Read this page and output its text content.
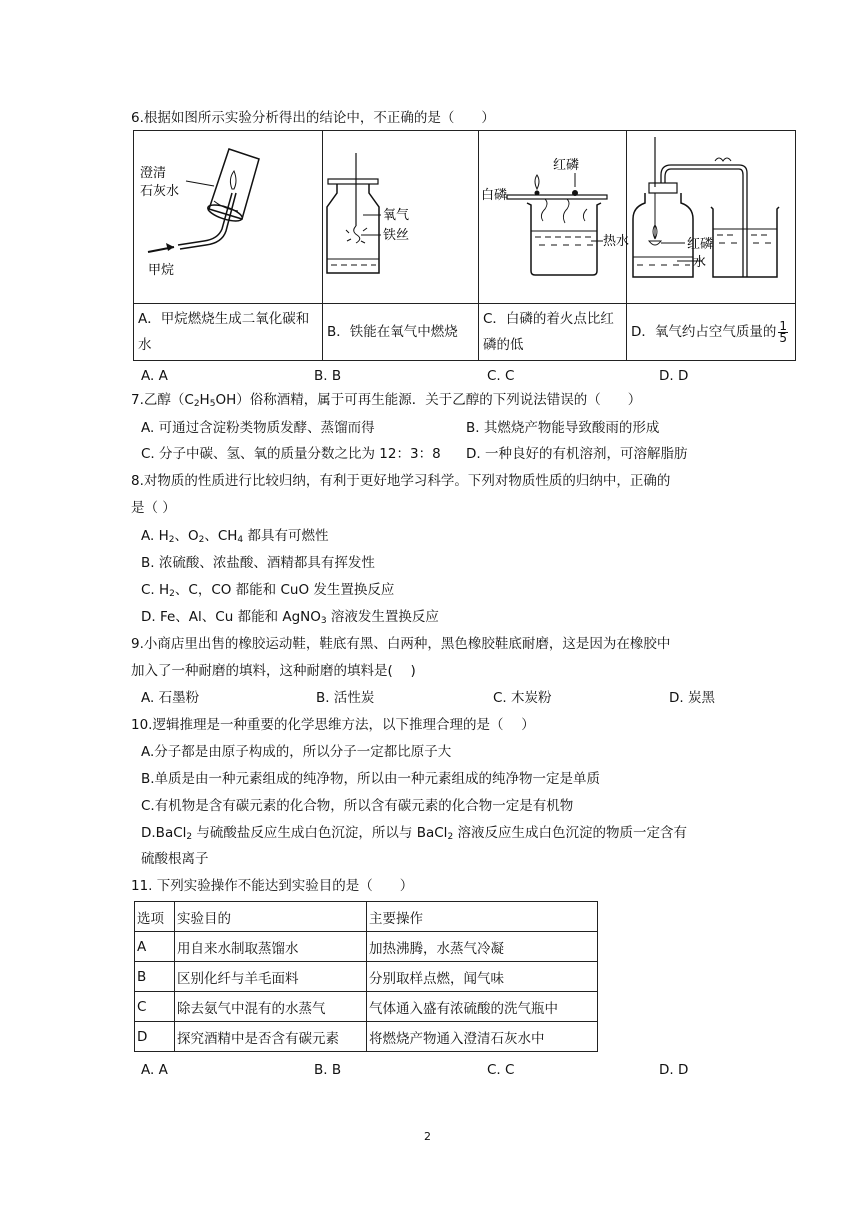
6.根据如图所示实验分析得出的结论中，不正确的是（　　）
澄清
石灰水
甲烷	氧气
铁丝	红磷
白磷
热水	红磷
水

A．甲烷燃烧生成二氧化碳和水	B．铁能在氧气中燃烧	C．白磷的着火点比红磷的低	D．氧气约占空气质量的 $\frac{1}{5}$
A. A	B. B	C. C	D. D
7.乙醇$(C_2H_5OH)$俗称酒精，属于可再生能源．关于乙醇的下列说法错误的（　　）
A. 可通过含淀粉类物质发酵、蒸馏而得	B. 其燃烧产物能导致酸雨的形成
C. 分子中碳、氢、氧的质量分数之比为 12：3：8 D. 一种良好的有机溶剂，可溶解脂肪
8.对物质的性质进行比较归纳，有利于更好地学习科学。下列对物质性质的归纳中，正确的
是（ ）
A. $H_2$、$O_2$、$CH_4$ 都具有可燃性
B. 浓硫酸、浓盐酸、酒精都具有挥发性
C. $H_2$、C，CO 都能和 CuO 发生置换反应
D. Fe、Al、Cu 都能和 AgNO$_3$ 溶液发生置换反应
9.小商店里出售的橡胶运动鞋，鞋底有黑、白两种，黑色橡胶鞋底耐磨，这是因为在橡胶中
加入了一种耐磨的填料，这种耐磨的填料是(　 )
A. 石墨粉	B. 活性炭	C. 木炭粉	D. 炭黑
10.逻辑推理是一种重要的化学思维方法，以下推理合理的是（　 ）
A.分子都是由原子构成的，所以分子一定都比原子大
B.单质是由一种元素组成的纯净物，所以由一种元素组成的纯净物一定是单质
C.有机物是含有碳元素的化合物，所以含有碳元素的化合物一定是有机物
D.BaCl$_2$ 与硫酸盐反应生成白色沉淀，所以与 BaCl$_2$ 溶液反应生成白色沉淀的物质一定含有
硫酸根离子
11. 下列实验操作不能达到实验目的是（　　）
选项	实验目的	主要操作
A	用自来水制取蒸馏水	加热沸腾，水蒸气冷凝
B	区别化纤与羊毛面料	分别取样点燃，闻气味
C	除去氨气中混有的水蒸气	气体通入盛有浓硫酸的洗气瓶中
D	探究酒精中是否含有碳元素	将燃烧产物通入澄清石灰水中
A. A	B. B	C. C	D. D
2
